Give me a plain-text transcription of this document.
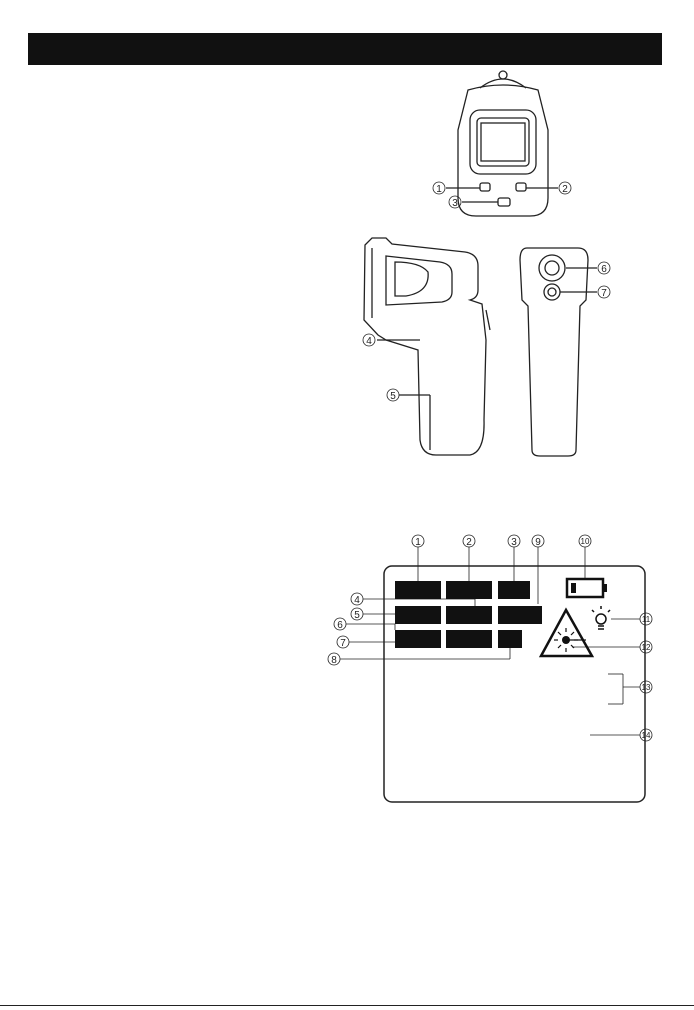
1	2
3
4
5
6
7
1	2	3 9	10
4
5
6
7
8
11
12
13
14
